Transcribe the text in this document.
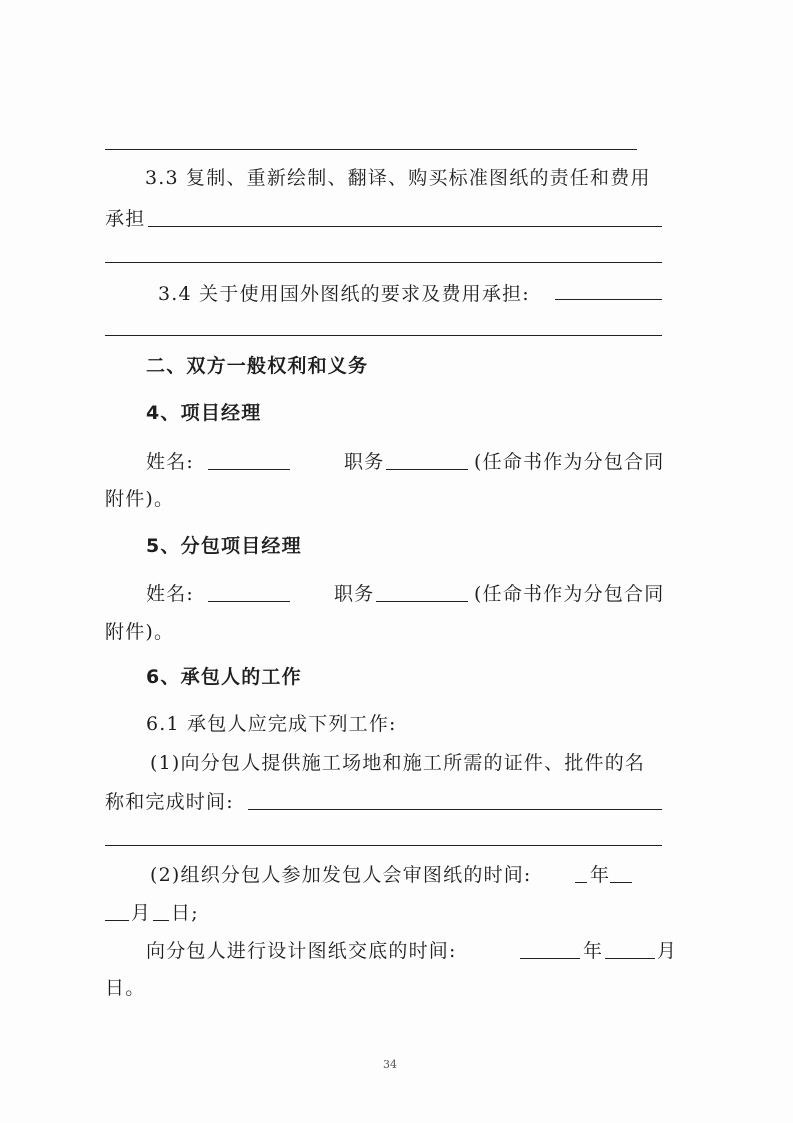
3.3 复制、重新绘制、翻译、购买标准图纸的责任和费用
承担
3.4 关于使用国外图纸的要求及费用承担:
二、双方一般权利和义务
4、项目经理
姓名:	职务	(任命书作为分包合同
附件)。
5、分包项目经理
姓名:	职务	(任命书作为分包合同
附件)。
6、承包人的工作
6.1 承包人应完成下列工作:
(1)向分包人提供施工场地和施工所需的证件、批件的名
称和完成时间:
(2)组织分包人参加发包人会审图纸的时间:	年
月 日;
向分包人进行设计图纸交底的时间:	年	月
日。
34
